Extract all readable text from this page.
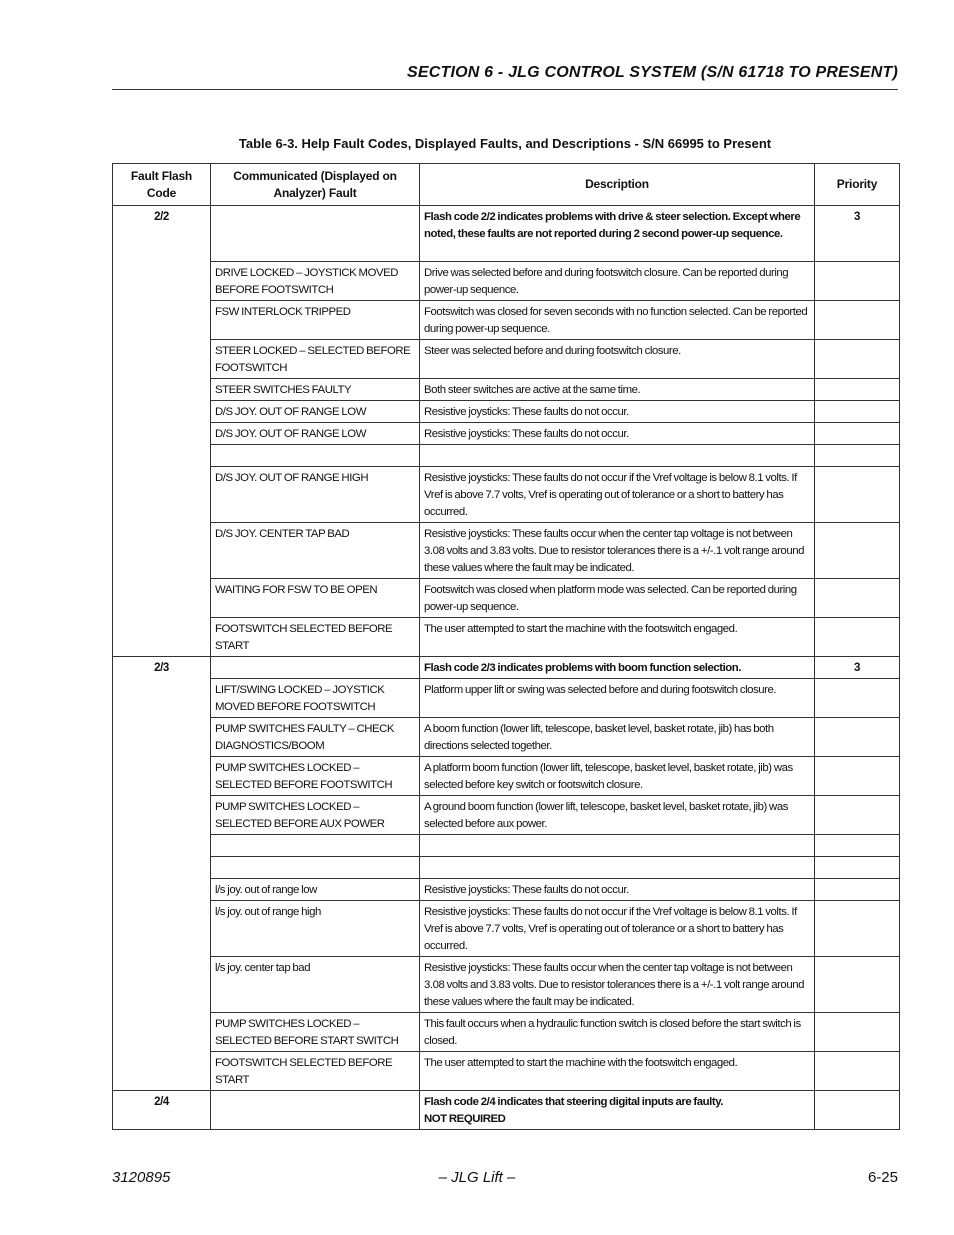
SECTION 6 - JLG CONTROL SYSTEM (S/N 61718 TO PRESENT)
Table 6-3. Help Fault Codes, Displayed Faults, and Descriptions - S/N 66995 to Present
Fault Flash Code	Communicated (Displayed on Analyzer) Fault	Description	Priority

2/2		Flash code 2/2 indicates problems with drive & steer selection. Except where noted, these faults are not reported during 2 second power-up sequence.	3

	DRIVE LOCKED – JOYSTICK MOVED BEFORE FOOTSWITCH	Drive was selected before and during footswitch closure. Can be reported during power-up sequence.	

	FSW INTERLOCK TRIPPED	Footswitch was closed for seven seconds with no function selected. Can be reported during power-up sequence.	

	STEER LOCKED – SELECTED BEFORE FOOTSWITCH	Steer was selected before and during footswitch closure.	

	STEER SWITCHES FAULTY	Both steer switches are active at the same time.	

	D/S JOY. OUT OF RANGE LOW	Resistive joysticks: These faults do not occur.	

	D/S JOY. OUT OF RANGE LOW	Resistive joysticks: These faults do not occur.	

	D/S JOY. OUT OF RANGE HIGH	Resistive joysticks: These faults do not occur if the Vref voltage is below 8.1 volts. If Vref is above 7.7 volts, Vref is operating out of tolerance or a short to battery has occurred.	

	D/S JOY. CENTER TAP BAD	Resistive joysticks: These faults occur when the center tap voltage is not between 3.08 volts and 3.83 volts. Due to resistor tolerances there is a +/-.1 volt range around these values where the fault may be indicated.	

	WAITING FOR FSW TO BE OPEN	Footswitch was closed when platform mode was selected. Can be reported during power-up sequence.	

	FOOTSWITCH SELECTED BEFORE START	The user attempted to start the machine with the footswitch engaged.	

2/3		Flash code 2/3 indicates problems with boom function selection.	3

	LIFT/SWING LOCKED – JOYSTICK MOVED BEFORE FOOTSWITCH	Platform upper lift or swing was selected before and during footswitch closure.	

	PUMP SWITCHES FAULTY – CHECK DIAGNOSTICS/BOOM	A boom function (lower lift, telescope, basket level, basket rotate, jib) has both directions selected together.	

	PUMP SWITCHES LOCKED – SELECTED BEFORE FOOTSWITCH	A platform boom function (lower lift, telescope, basket level, basket rotate, jib) was selected before key switch or footswitch closure.	

	PUMP SWITCHES LOCKED – SELECTED BEFORE AUX POWER	A ground boom function (lower lift, telescope, basket level, basket rotate, jib) was selected before aux power.	

	l/s joy. out of range low	Resistive joysticks: These faults do not occur.	

	l/s joy. out of range high	Resistive joysticks: These faults do not occur if the Vref voltage is below 8.1 volts. If Vref is above 7.7 volts, Vref is operating out of tolerance or a short to battery has occurred.	

	l/s joy. center tap bad	Resistive joysticks: These faults occur when the center tap voltage is not between 3.08 volts and 3.83 volts. Due to resistor tolerances there is a +/-.1 volt range around these values where the fault may be indicated.	

	PUMP SWITCHES LOCKED – SELECTED BEFORE START SWITCH	This fault occurs when a hydraulic function switch is closed before the start switch is closed.	

	FOOTSWITCH SELECTED BEFORE START	The user attempted to start the machine with the footswitch engaged.	

2/4		Flash code 2/4 indicates that steering digital inputs are faulty.
NOT REQUIRED	

3120895	– JLG Lift –	6-25
